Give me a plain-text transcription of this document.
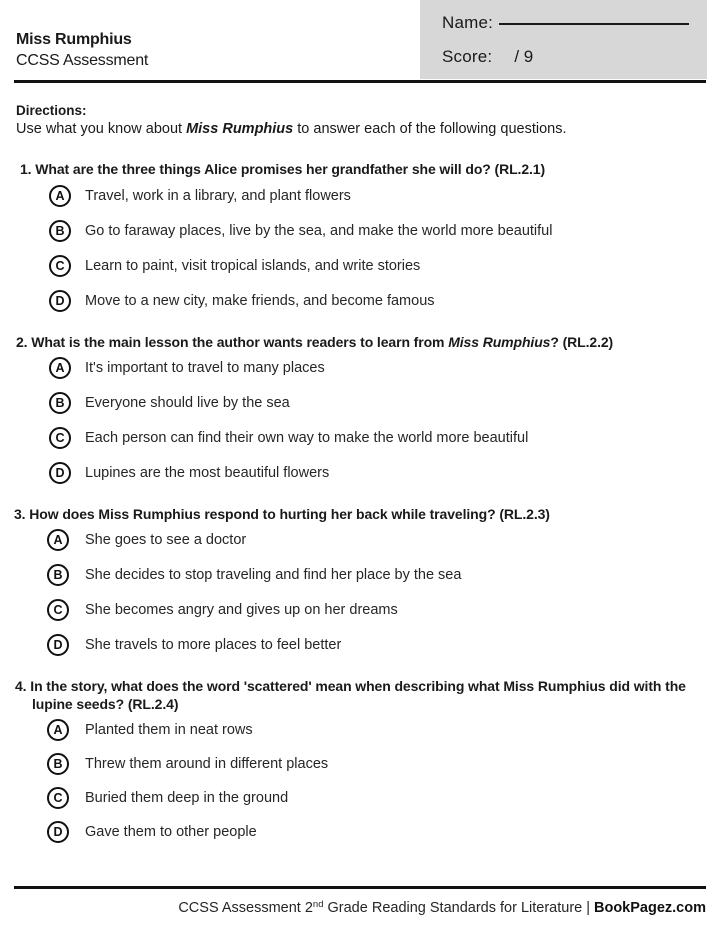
Name:
Score: / 9
Miss Rumphius
CCSS Assessment
Directions:
Use what you know about Miss Rumphius to answer each of the following questions.
1. What are the three things Alice promises her grandfather she will do? (RL.2.1)
A	Travel, work in a library, and plant flowers
B	Go to faraway places, live by the sea, and make the world more beautiful
C	Learn to paint, visit tropical islands, and write stories
D	Move to a new city, make friends, and become famous
2. What is the main lesson the author wants readers to learn from Miss Rumphius? (RL.2.2)
A	It's important to travel to many places
B	Everyone should live by the sea
C	Each person can find their own way to make the world more beautiful
D	Lupines are the most beautiful flowers
3. How does Miss Rumphius respond to hurting her back while traveling? (RL.2.3)
A	She goes to see a doctor
B	She decides to stop traveling and find her place by the sea
C	She becomes angry and gives up on her dreams
D	She travels to more places to feel better
4. In the story, what does the word 'scattered' mean when describing what Miss Rumphius did with the lupine seeds? (RL.2.4)
A	Planted them in neat rows
B	Threw them around in different places
C	Buried them deep in the ground
D	Gave them to other people
CCSS Assessment 2nd Grade Reading Standards for Literature | BookPagez.com
